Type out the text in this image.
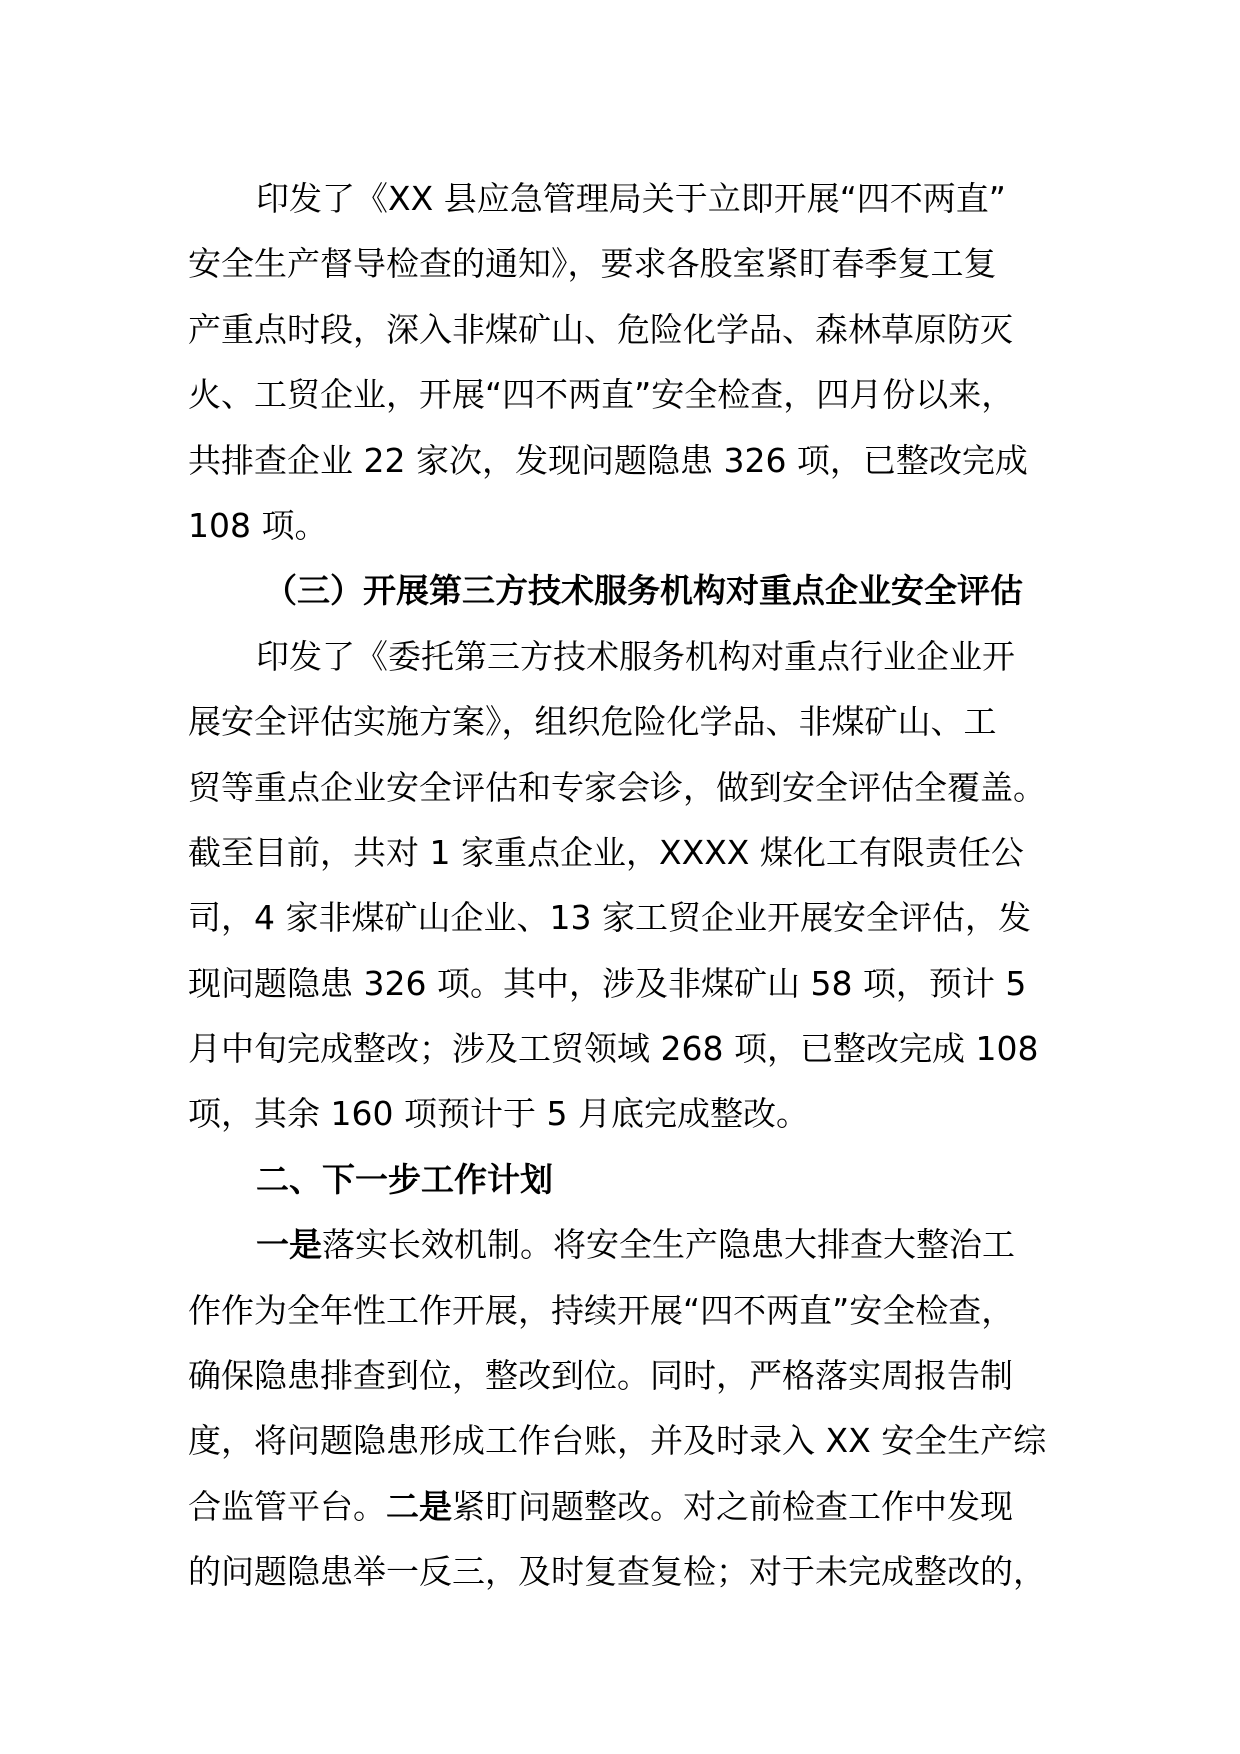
印发了《XX 县应急管理局关于立即开展“四不两直”
安全生产督导检查的通知》，要求各股室紧盯春季复工复
产重点时段，深入非煤矿山、危险化学品、森林草原防灭
火、工贸企业，开展“四不两直”安全检查，四月份以来，
共排查企业 22 家次，发现问题隐患 326 项，已整改完成
108 项。
（三）开展第三方技术服务机构对重点企业安全评估
印发了《委托第三方技术服务机构对重点行业企业开
展安全评估实施方案》，组织危险化学品、非煤矿山、工
贸等重点企业安全评估和专家会诊，做到安全评估全覆盖。
截至目前，共对 1 家重点企业，XXXX 煤化工有限责任公
司，4 家非煤矿山企业、13 家工贸企业开展安全评估，发
现问题隐患 326 项。其中，涉及非煤矿山 58 项，预计 5
月中旬完成整改；涉及工贸领域 268 项，已整改完成 108
项，其余 160 项预计于 5 月底完成整改。
二、下一步工作计划
一是落实长效机制。将安全生产隐患大排查大整治工
作作为全年性工作开展，持续开展“四不两直”安全检查，
确保隐患排查到位，整改到位。同时，严格落实周报告制
度，将问题隐患形成工作台账，并及时录入 XX 安全生产综
合监管平台。二是紧盯问题整改。对之前检查工作中发现
的问题隐患举一反三，及时复查复检；对于未完成整改的，
